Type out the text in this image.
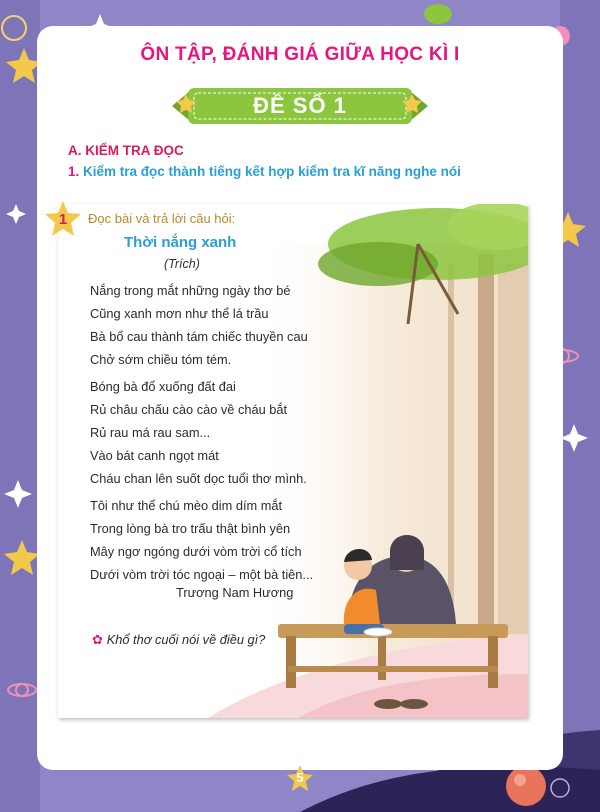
ÔN TẬP, ĐÁNH GIÁ GIỮA HỌC KÌ I
ĐỀ SỐ 1
A. KIỂM TRA ĐỌC
1. Kiểm tra đọc thành tiếng kết hợp kiểm tra kĩ năng nghe nói
1	Đọc bài và trả lời câu hỏi:
Thời nắng xanh
(Trích)
Nắng trong mắt những ngày thơ bé
Cũng xanh mơn như thể lá trầu
Bà bổ cau thành tám chiếc thuyền cau
Chở sớm chiều tóm tém.
Bóng bà đổ xuống đất đai
Rủ châu chấu cào cào về cháu bắt
Rủ rau má rau sam...
Vào bát canh ngọt mát
Cháu chan lên suốt dọc tuổi thơ mình.
Tôi như thể chú mèo dim dím mắt
Trong lòng bà tro trấu thật bình yên
Mây ngơ ngóng dưới vòm trời cổ tích
Dưới vòm trời tóc ngoại – một bà tiên...
Trương Nam Hương
✿ Khổ thơ cuối nói về điều gì?
5
